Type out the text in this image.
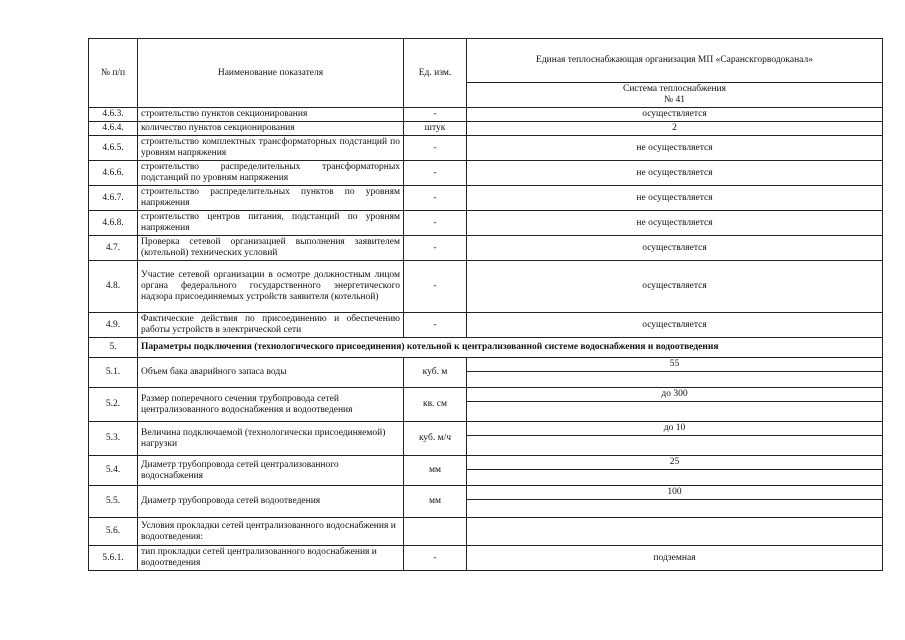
№ п/п	Наименование показателя	Ед. изм.	Единая теплоснабжающая организация МП «Саранскгорводоканал»

			Система теплоснабжения
№ 41

4.6.3.	строительство пунктов секционирования	-	осуществляется
4.6.4.	количество пунктов секционирования	штук	2
4.6.5.	строительство комплектных трансформаторных подстанций по уровням напряжения	-	не осуществляется
4.6.6.	строительство распределительных трансформаторных подстанций по уровням напряжения	-	не осуществляется
4.6.7.	строительство распределительных пунктов по уровням напряжения	-	не осуществляется
4.6.8.	строительство центров питания, подстанций по уровням напряжения	-	не осуществляется
4.7.	Проверка сетевой организацией выполнения заявителем (котельной) технических условий	-	осуществляется
4.8.	Участие сетевой организации в осмотре должностным лицом органа федерального государственного энергетического надзора присоединяемых устройств заявителя (котельной)	-	осуществляется
4.9.	Фактические действия по присоединению и обеспечению работы устройств в электрической сети	-	осуществляется
5.	Параметры подключения (технологического присоединения) котельной к централизованной системе водоснабжения и водоотведения		
5.1.	Объем бака аварийного запаса воды	куб. м	55

5.2.	Размер поперечного сечения трубопровода сетей централизованного водоснабжения и водоотведения	кв. см	до 300

5.3.	Величина подключаемой (технологически присоединяемой) нагрузки	куб. м/ч	до 10

5.4.	Диаметр трубопровода сетей централизованного водоснабжения	мм	25

5.5.	Диаметр трубопровода сетей водоотведения	мм	100

5.6.	Условия прокладки сетей централизованного водоснабжения и водоотведения:		
5.6.1.	тип прокладки сетей централизованного водоснабжения и водоотведения	-	подземная
